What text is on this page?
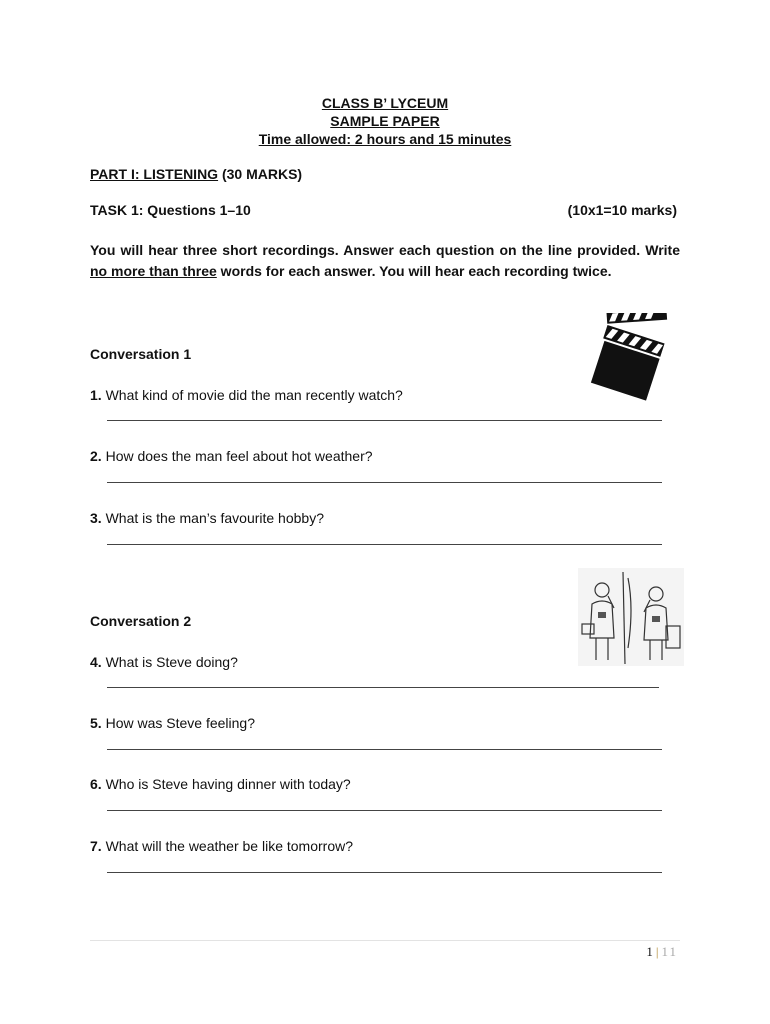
CLASS B’ LYCEUM
SAMPLE PAPER
Time allowed: 2 hours and 15 minutes
PART I: LISTENING (30 MARKS)
TASK 1: Questions 1–10	(10x1=10 marks)
You will hear three short recordings. Answer each question on the line provided. Write no more than three words for each answer. You will hear each recording twice.
Conversation 1
1. What kind of movie did the man recently watch?
2. How does the man feel about hot weather?
3. What is the man’s favourite hobby?
Conversation 2
4. What is Steve doing?
5. How was Steve feeling?
6. Who is Steve having dinner with today?
7. What will the weather be like tomorrow?
1 | 11
